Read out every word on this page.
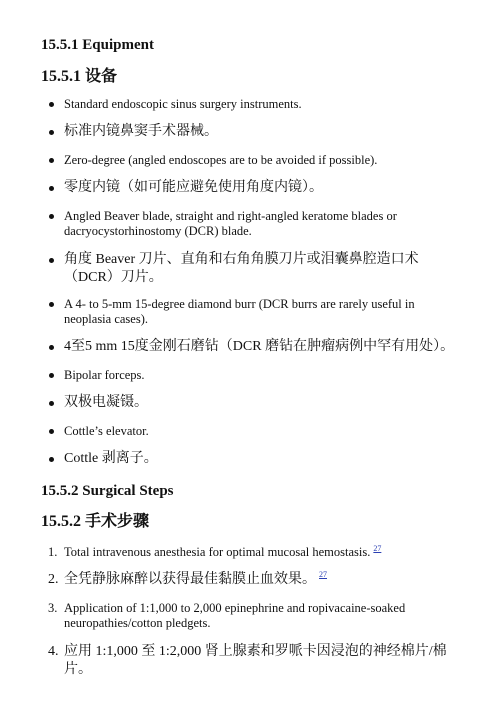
15.5.1 Equipment
15.5.1 设备
Standard endoscopic sinus surgery instruments.
标准内镜鼻窦手术器械。
Zero-degree (angled endoscopes are to be avoided if possible).
零度内镜（如可能应避免使用角度内镜）。
Angled Beaver blade, straight and right-angled keratome blades or dacryocystorhinostomy (DCR) blade.
角度 Beaver 刀片、直角和右角角膜刀片或泪囊鼻腔造口术（DCR）刀片。
A 4- to 5-mm 15-degree diamond burr (DCR burrs are rarely useful in neoplasia cases).
4至5 mm 15度金刚石磨钻（DCR 磨钻在肿瘤病例中罕有用处）。
Bipolar forceps.
双极电凝镊。
Cottle’s elevator.
Cottle 剥离子。
15.5.2 Surgical Steps
15.5.2 手术步骤
1. Total intravenous anesthesia for optimal mucosal hemostasis. $^{27}$
2. 全凭静脉麻醉以获得最佳黏膜止血效果。 $^{27}$
3. Application of 1:1,000 to 2,000 epinephrine and ropivacaine-soaked neuropathies/cotton pledgets.
4. 应用 1:1,000 至 1:2,000 肾上腺素和罗哌卡因浸泡的神经棉片/棉片。
